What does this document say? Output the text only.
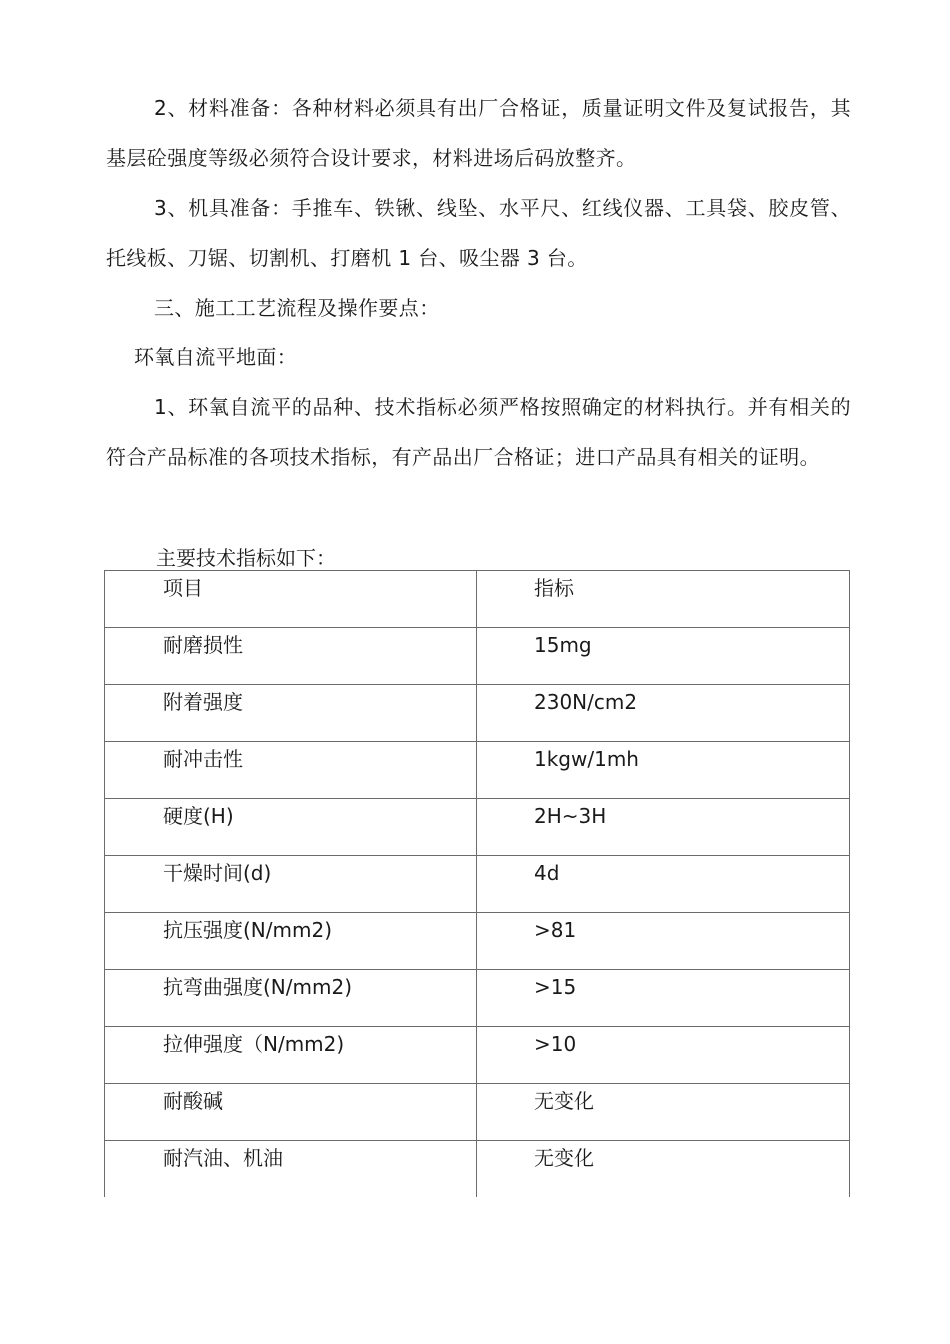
2、材料准备：各种材料必须具有出厂合格证，质量证明文件及复试报告，其基层砼强度等级必须符合设计要求，材料进场后码放整齐。

3、机具准备：手推车、铁锹、线坠、水平尺、红线仪器、工具袋、胶皮管、托线板、刀锯、切割机、打磨机 1 台、吸尘器 3 台。

三、施工工艺流程及操作要点：

环氧自流平地面：

1、环氧自流平的品种、技术指标必须严格按照确定的材料执行。并有相关的符合产品标准的各项技术指标，有产品出厂合格证；进口产品具有相关的证明。

主要技术指标如下：

项目	指标
耐磨损性	15mg
附着强度	230N/cm2
耐冲击性	1kgw/1mh
硬度(H)	2H~3H
干燥时间(d)	4d
抗压强度(N/mm2)	>81
抗弯曲强度(N/mm2)	>15
拉伸强度（N/mm2)	>10
耐酸碱	无变化
耐汽油、机油	无变化
